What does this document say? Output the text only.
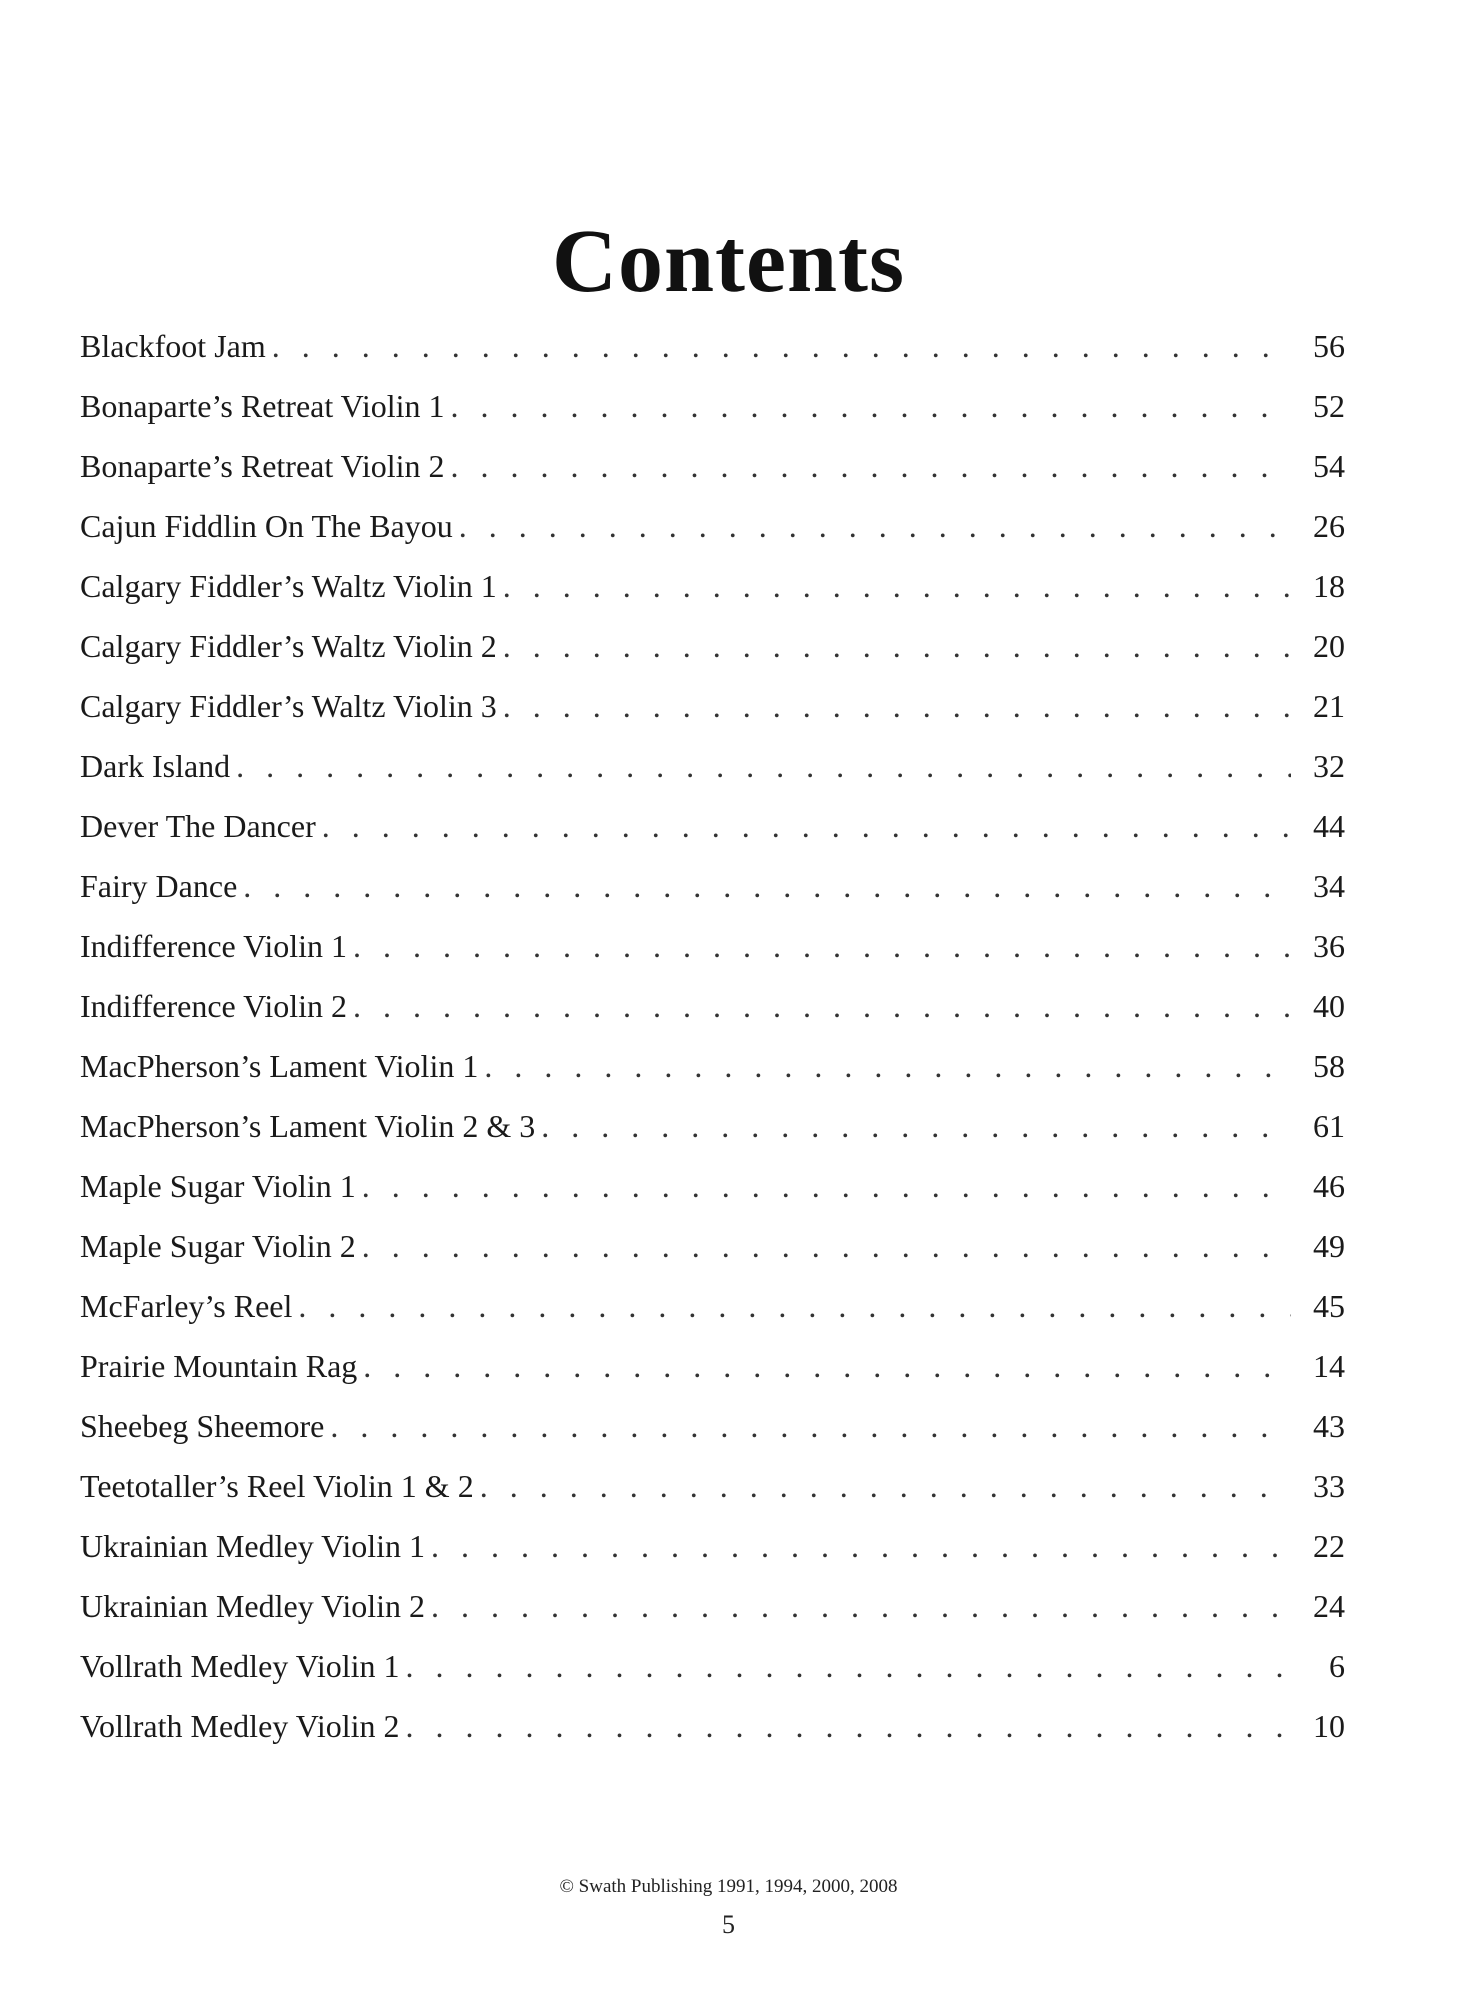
Contents
Blackfoot Jam . . .	56
Bonaparte’s Retreat Violin 1 . . .	52
Bonaparte’s Retreat Violin 2 . . .	54
Cajun Fiddlin On The Bayou . . .	26
Calgary Fiddler’s Waltz Violin 1 . . .	18
Calgary Fiddler’s Waltz Violin 2 . . .	20
Calgary Fiddler’s Waltz Violin 3 . . .	21
Dark Island . . .	32
Dever The Dancer . . .	44
Fairy Dance . . .	34
Indifference Violin 1 . . .	36
Indifference Violin 2 . . .	40
MacPherson’s Lament Violin 1 . . .	58
MacPherson’s Lament Violin 2 & 3 . . .	61
Maple Sugar Violin 1 . . .	46
Maple Sugar Violin 2 . . .	49
McFarley’s Reel . . .	45
Prairie Mountain Rag . . .	14
Sheebeg Sheemore . . .	43
Teetotaller’s Reel Violin 1 & 2 . . .	33
Ukrainian Medley Violin 1 . . .	22
Ukrainian Medley Violin 2 . . .	24
Vollrath Medley Violin 1 . . .	6
Vollrath Medley Violin 2 . . .	10
© Swath Publishing 1991, 1994, 2000, 2008
5
